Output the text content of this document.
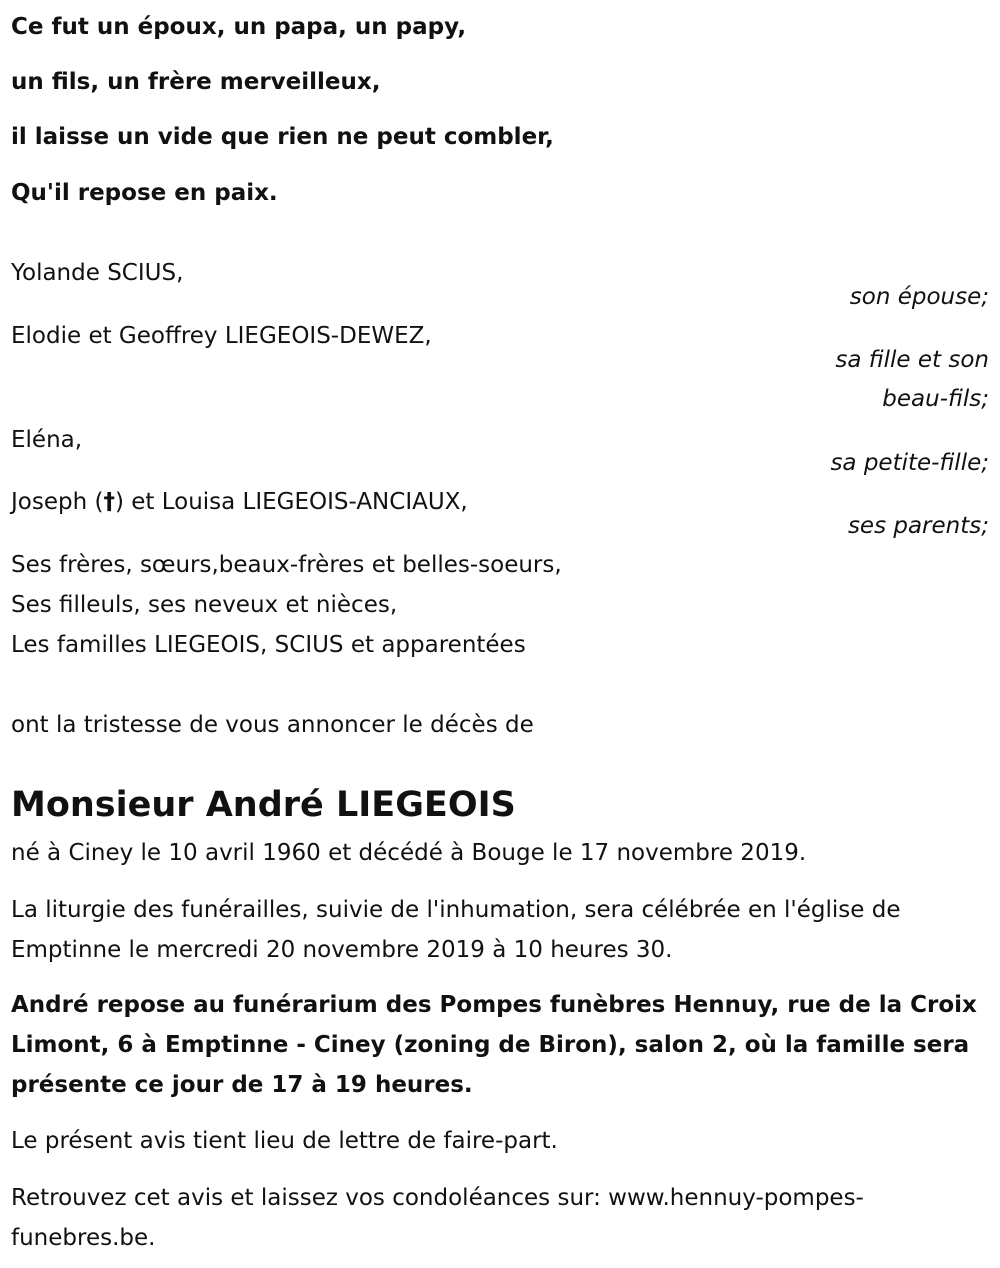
Ce fut un époux, un papa, un papy,
un fils, un frère merveilleux,
il laisse un vide que rien ne peut combler,
Qu'il repose en paix.
Yolande SCIUS,
son épouse;
Elodie et Geoffrey LIEGEOIS-DEWEZ,
sa fille et son
beau-fils;
Eléna,
sa petite-fille;
Joseph (†) et Louisa LIEGEOIS-ANCIAUX,
ses parents;
Ses frères, sœurs,beaux-frères et belles-soeurs,
Ses filleuls, ses neveux et nièces,
Les familles LIEGEOIS, SCIUS et apparentées
ont la tristesse de vous annoncer le décès de
Monsieur André LIEGEOIS
né à Ciney le 10 avril 1960 et décédé à Bouge le 17 novembre 2019.
La liturgie des funérailles, suivie de l'inhumation, sera célébrée en l'église de Emptinne le mercredi 20 novembre 2019 à 10 heures 30.
André repose au funérarium des Pompes funèbres Hennuy, rue de la Croix Limont, 6 à Emptinne - Ciney (zoning de Biron), salon 2, où la famille sera présente ce jour de 17 à 19 heures.
Le présent avis tient lieu de lettre de faire-part.
Retrouvez cet avis et laissez vos condoléances sur: www.hennuy-pompes-funebres.be.
